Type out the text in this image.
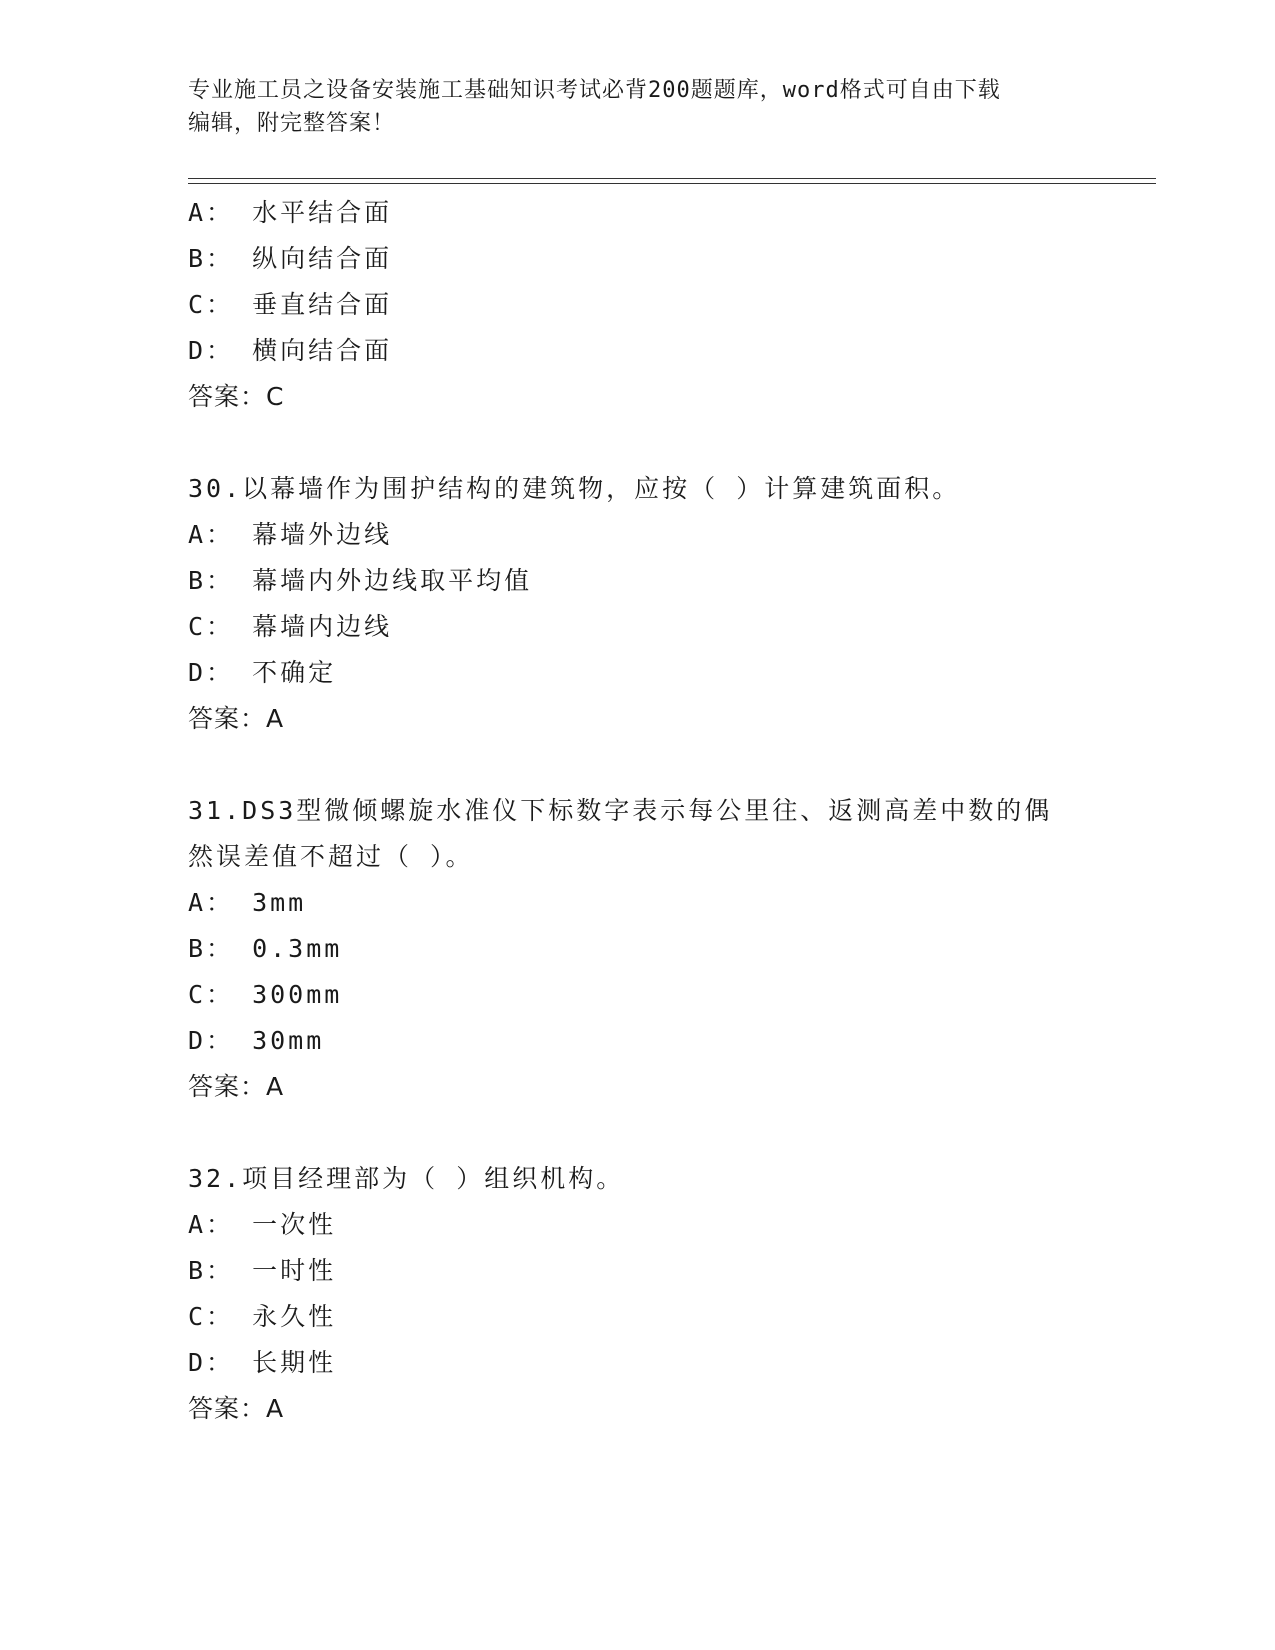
专业施工员之设备安装施工基础知识考试必背200题题库，word格式可自由下载
编辑，附完整答案！
A： 水平结合面
B： 纵向结合面
C： 垂直结合面
D： 横向结合面
答案：C
30.以幕墙作为围护结构的建筑物，应按（ ）计算建筑面积。
A： 幕墙外边线
B： 幕墙内外边线取平均值
C： 幕墙内边线
D： 不确定
答案：A
31.DS3型微倾螺旋水准仪下标数字表示每公里往、返测高差中数的偶
然误差值不超过（ ）。
A： 3mm
B： 0.3mm
C： 300mm
D： 30mm
答案：A
32.项目经理部为（ ）组织机构。
A： 一次性
B： 一时性
C： 永久性
D： 长期性
答案：A
